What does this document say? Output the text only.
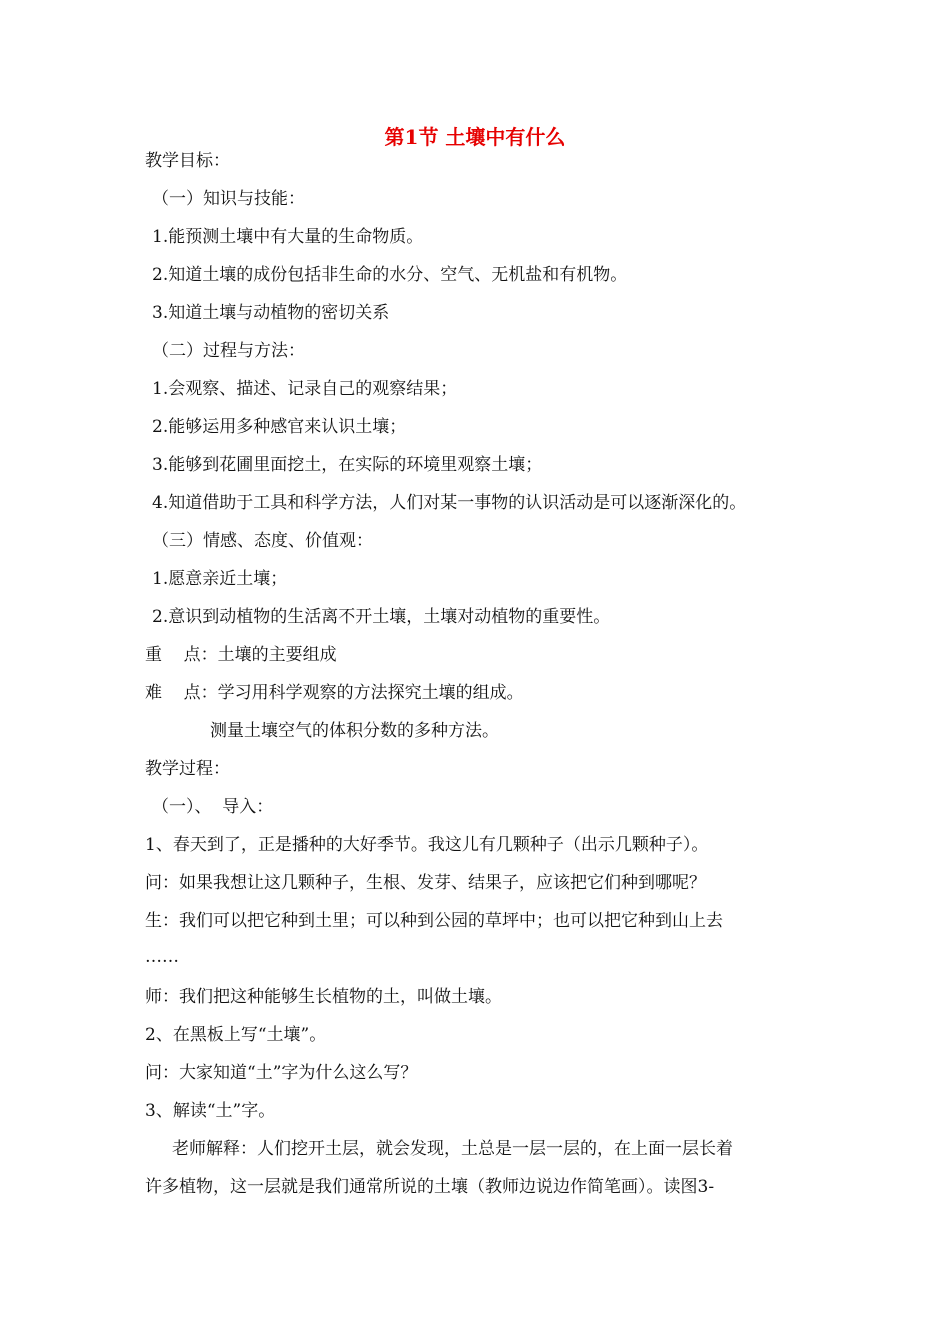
第1节 土壤中有什么
教学目标：
（一）知识与技能：
1.能预测土壤中有大量的生命物质。
2.知道土壤的成份包括非生命的水分、空气、无机盐和有机物。
3.知道土壤与动植物的密切关系
（二）过程与方法：
1.会观察、描述、记录自己的观察结果；
2.能够运用多种感官来认识土壤；
3.能够到花圃里面挖土，在实际的环境里观察土壤；
4.知道借助于工具和科学方法，人们对某一事物的认识活动是可以逐渐深化的。
（三）情感、态度、价值观：
1.愿意亲近土壤；
2.意识到动植物的生活离不开土壤，土壤对动植物的重要性。
重    点：土壤的主要组成
难    点：学习用科学观察的方法探究土壤的组成。
测量土壤空气的体积分数的多种方法。
教学过程：
（一）、  导入：
1、春天到了，正是播种的大好季节。我这儿有几颗种子（出示几颗种子）。
问：如果我想让这几颗种子，生根、发芽、结果子，应该把它们种到哪呢？
生：我们可以把它种到土里；可以种到公园的草坪中；也可以把它种到山上去
……
师：我们把这种能够生长植物的土，叫做土壤。
2、在黑板上写“土壤”。
问：大家知道“土”字为什么这么写？
3、解读“土”字。
老师解释：人们挖开土层，就会发现，土总是一层一层的，在上面一层长着
许多植物，这一层就是我们通常所说的土壤（教师边说边作简笔画）。读图3-
